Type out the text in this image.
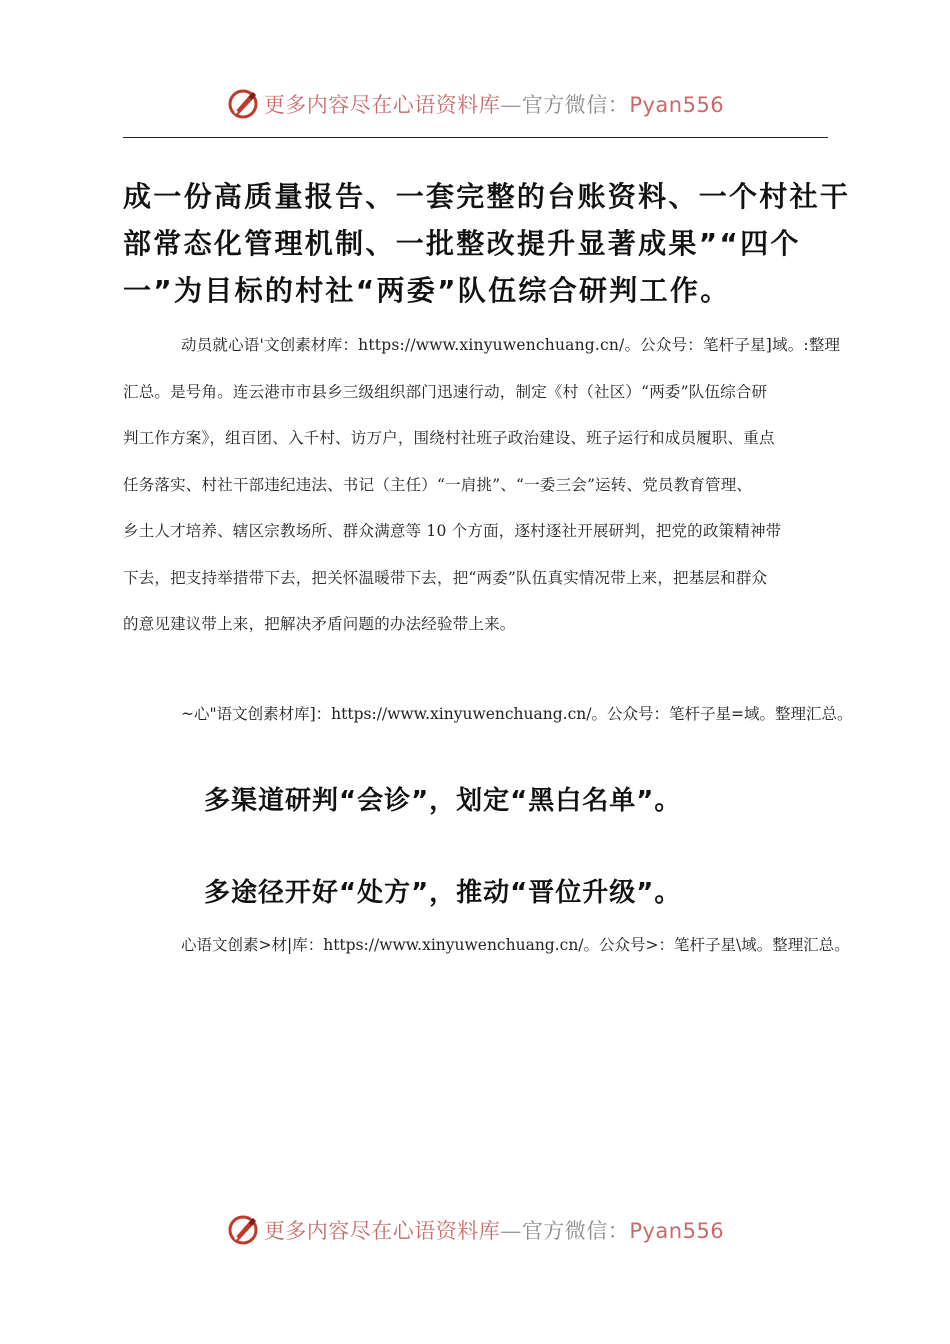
更多内容尽在心语资料库—官方微信：Pyan556
成一份高质量报告、一套完整的台账资料、一个村社干
部常态化管理机制、一批整改提升显著成果”“四个
一”为目标的村社“两委”队伍综合研判工作。
动员就心语'文创素材库：https://www.xinyuwenchuang.cn/。公众号：笔杆子星]域。:整理
汇总。是号角。连云港市市县乡三级组织部门迅速行动，制定《村（社区）“两委”队伍综合研
判工作方案》，组百团、入千村、访万户，围绕村社班子政治建设、班子运行和成员履职、重点
任务落实、村社干部违纪违法、书记（主任）“一肩挑”、“一委三会”运转、党员教育管理、
乡土人才培养、辖区宗教场所、群众满意等 10 个方面，逐村逐社开展研判，把党的政策精神带
下去，把支持举措带下去，把关怀温暖带下去，把“两委”队伍真实情况带上来，把基层和群众
的意见建议带上来，把解决矛盾问题的办法经验带上来。
~心"语文创素材库]：https://www.xinyuwenchuang.cn/。公众号：笔杆子星=域。整理汇总。
多渠道研判“会诊”，划定“黑白名单”。
多途径开好“处方”，推动“晋位升级”。
心语文创素>材|库：https://www.xinyuwenchuang.cn/。公众号>：笔杆子星\域。整理汇总。
更多内容尽在心语资料库—官方微信：Pyan556
